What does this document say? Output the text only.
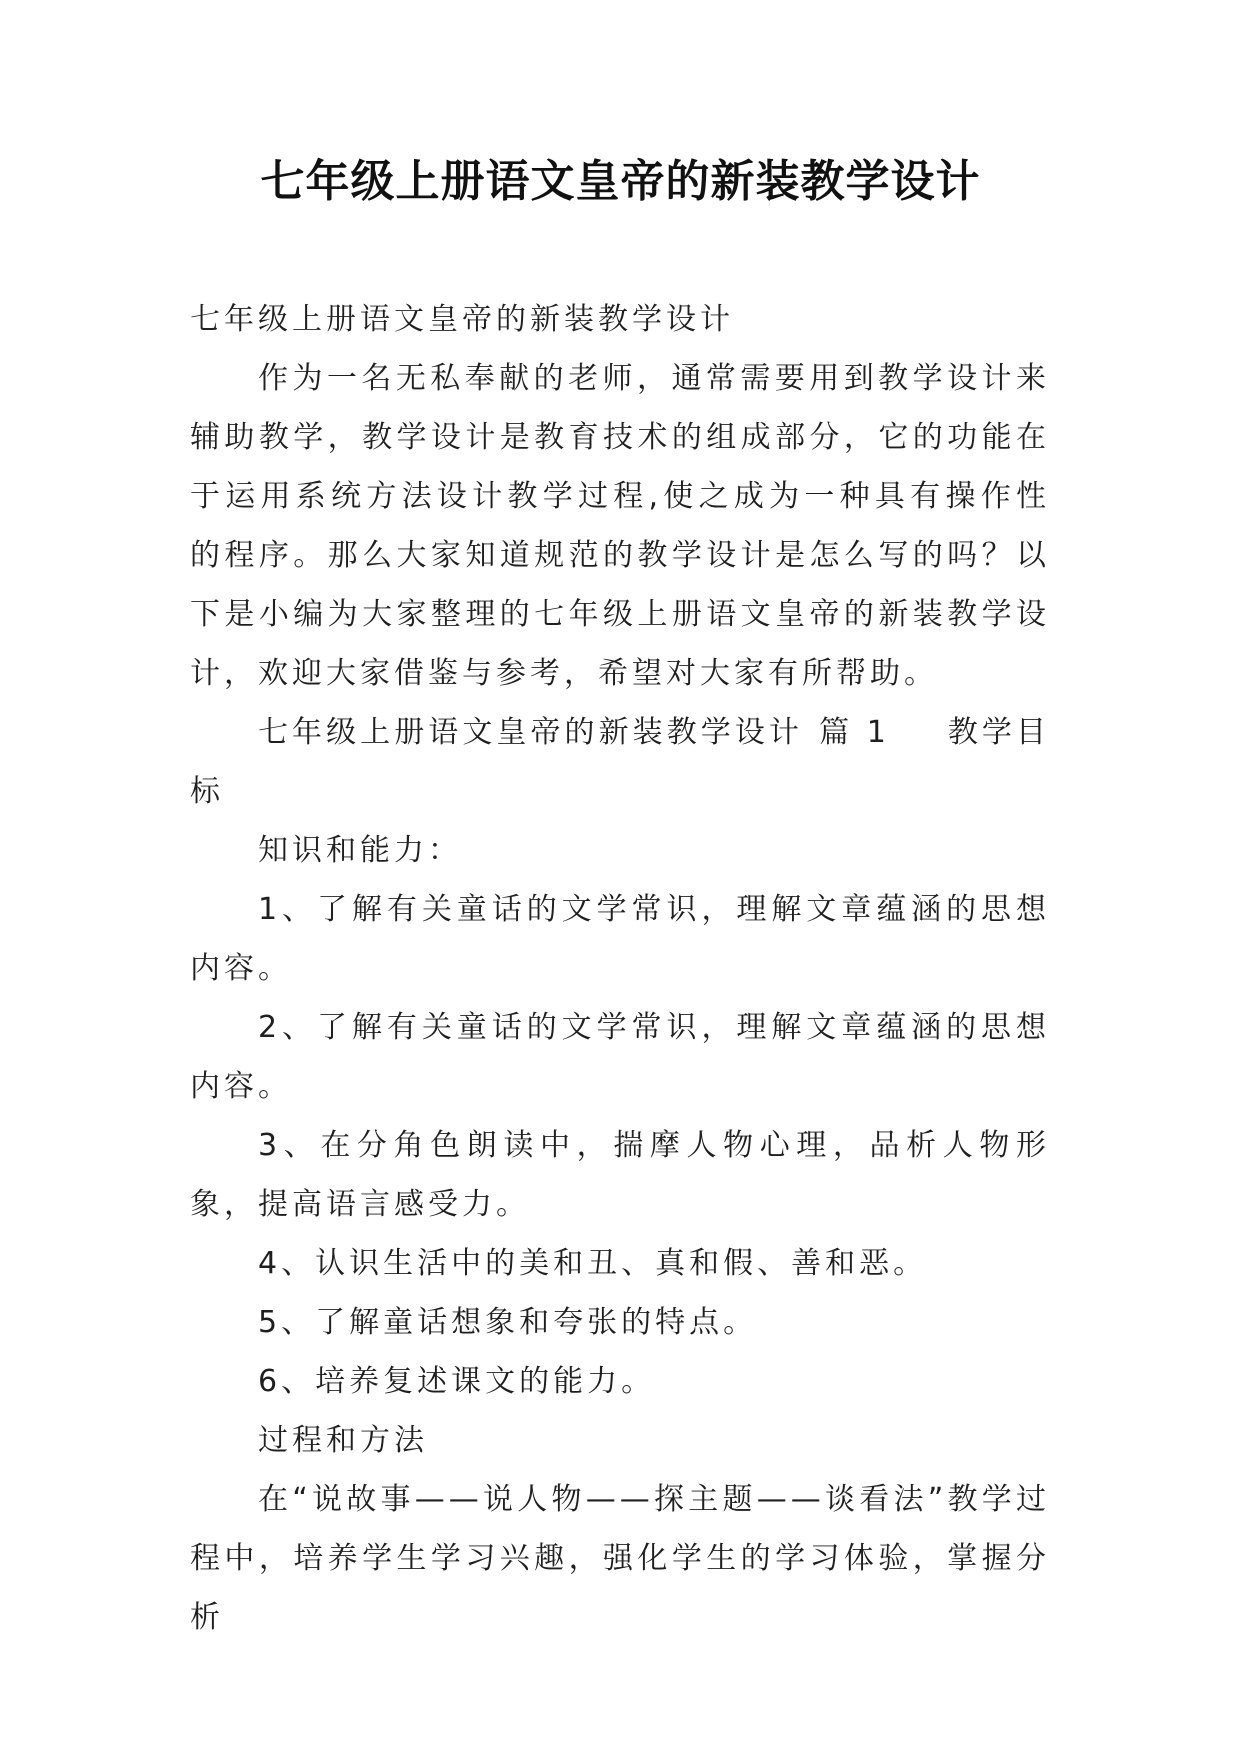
七年级上册语文皇帝的新装教学设计

七年级上册语文皇帝的新装教学设计

作为一名无私奉献的老师，通常需要用到教学设计来辅助教学，教学设计是教育技术的组成部分，它的功能在于运用系统方法设计教学过程,使之成为一种具有操作性的程序。那么大家知道规范的教学设计是怎么写的吗？以下是小编为大家整理的七年级上册语文皇帝的新装教学设计，欢迎大家借鉴与参考，希望对大家有所帮助。

七年级上册语文皇帝的新装教学设计 篇 1 教学目标

知识和能力：

1、了解有关童话的文学常识，理解文章蕴涵的思想内容。

2、了解有关童话的文学常识，理解文章蕴涵的思想内容。

3、在分角色朗读中，揣摩人物心理，品析人物形象，提高语言感受力。

4、认识生活中的美和丑、真和假、善和恶。

5、了解童话想象和夸张的特点。

6、培养复述课文的能力。

过程和方法

在“说故事——说人物——探主题——谈看法”教学过程中，培养学生学习兴趣，强化学生的学习体验，掌握分析
